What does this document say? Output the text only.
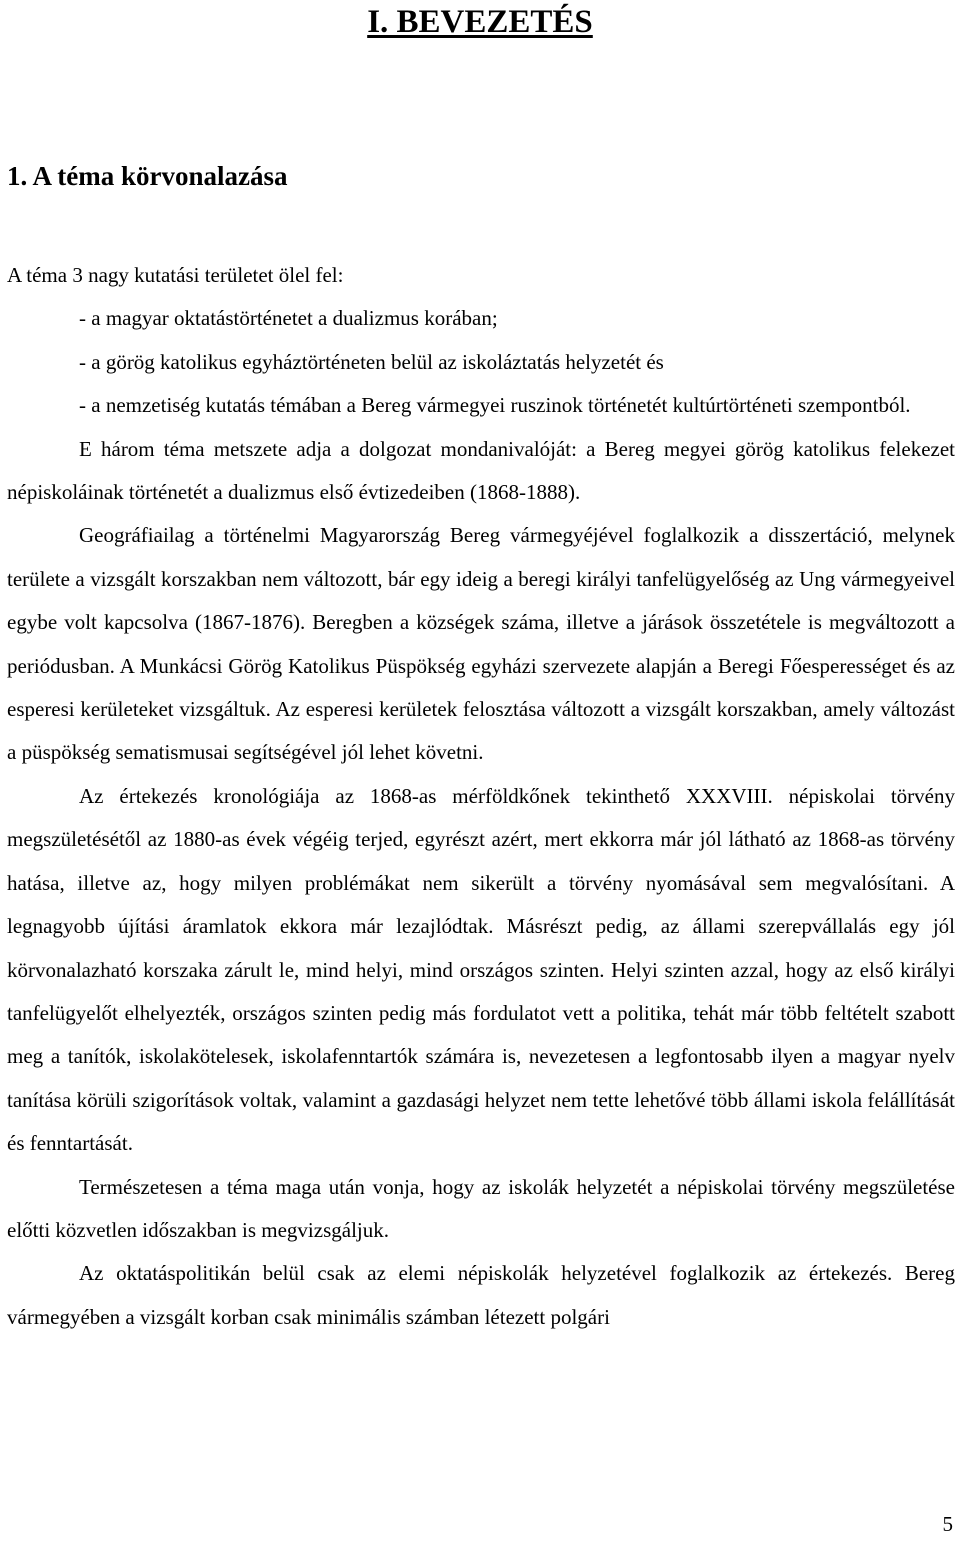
I. BEVEZETÉS
1. A téma körvonalazása

A téma 3 nagy kutatási területet ölel fel:

- a magyar oktatástörténetet a dualizmus korában;

- a görög katolikus egyháztörténeten belül az iskoláztatás helyzetét és

- a nemzetiség kutatás témában a Bereg vármegyei ruszinok történetét kultúrtörténeti szempontból.

E három téma metszete adja a dolgozat mondanivalóját: a Bereg megyei görög katolikus felekezet népiskoláinak történetét a dualizmus első évtizedeiben (1868-1888).

Geográfiailag a történelmi Magyarország Bereg vármegyéjével foglalkozik a disszertáció, melynek területe a vizsgált korszakban nem változott, bár egy ideig a beregi királyi tanfelügyelőség az Ung vármegyeivel egybe volt kapcsolva (1867-1876). Beregben a községek száma, illetve a járások összetétele is megváltozott a periódusban. A Munkácsi Görög Katolikus Püspökség egyházi szervezete alapján a Beregi Főesperességet és az esperesi kerületeket vizsgáltuk. Az esperesi kerületek felosztása változott a vizsgált korszakban, amely változást a püspökség sematismusai segítségével jól lehet követni.

Az értekezés kronológiája az 1868-as mérföldkőnek tekinthető XXXVIII. népiskolai törvény megszületésétől az 1880-as évek végéig terjed, egyrészt azért, mert ekkorra már jól látható az 1868-as törvény hatása, illetve az, hogy milyen problémákat nem sikerült a törvény nyomásával sem megvalósítani. A legnagyobb újítási áramlatok ekkora már lezajlódtak. Másrészt pedig, az állami szerepvállalás egy jól körvonalazható korszaka zárult le, mind helyi, mind országos szinten. Helyi szinten azzal, hogy az első királyi tanfelügyelőt elhelyezték, országos szinten pedig más fordulatot vett a politika, tehát már több feltételt szabott meg a tanítók, iskolakötelesek, iskolafenntartók számára is, nevezetesen a legfontosabb ilyen a magyar nyelv tanítása körüli szigorítások voltak, valamint a gazdasági helyzet nem tette lehetővé több állami iskola felállítását és fenntartását.

Természetesen a téma maga után vonja, hogy az iskolák helyzetét a népiskolai törvény megszületése előtti közvetlen időszakban is megvizsgáljuk.

Az oktatáspolitikán belül csak az elemi népiskolák helyzetével foglalkozik az értekezés. Bereg vármegyében a vizsgált korban csak minimális számban létezett polgári

5
